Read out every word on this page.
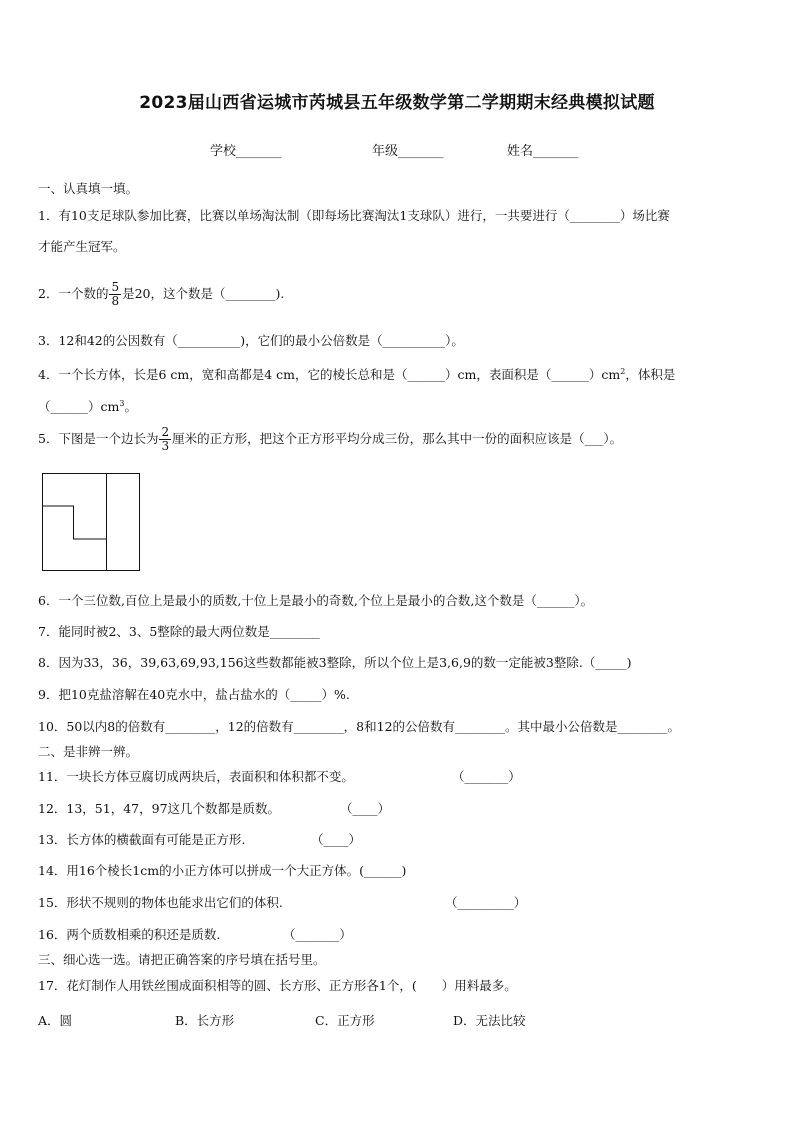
2023届山西省运城市芮城县五年级数学第二学期期末经典模拟试题
学校_______	年级_______	姓名_______
一、认真填一填。
1．有10支足球队参加比赛，比赛以单场淘汰制（即每场比赛淘汰1支球队）进行，一共要进行（________）场比赛
才能产生冠军。
2．一个数的 $\frac{5}{8}$ 是20，这个数是（________).
3．12和42的公因数有（__________)，它们的最小公倍数是（__________）。
4．一个长方体，长是6 cm，宽和高都是4 cm，它的棱长总和是（______）cm，表面积是$(\_\_\_\_\_\_)cm^2$，体积是
$(\_\_\_\_\_\_)cm^3$。
5．下图是一个边长为 $\frac{2}{3}$ 厘米的正方形，把这个正方形平均分成三份，那么其中一份的面积应该是（___）。
6．一个三位数,百位上是最小的质数,十位上是最小的奇数,个位上是最小的合数,这个数是（______）。
7．能同时被2、3、5整除的最大两位数是________
8．因为33，36，39,63,69,93,156这些数都能被3整除，所以个位上是3,6,9的数一定能被3整除.（_____)
9．把10克盐溶解在40克水中，盐占盐水的（_____）%.
10．50以内8的倍数有________，12的倍数有________，8和12的公倍数有________。其中最小公倍数是________。
二、是非辨一辨。
11．一块长方体豆腐切成两块后，表面积和体积都不变。	（_______）
12．13，51，47，97这几个数都是质数。	（____）
13．长方体的横截面有可能是正方形.	（____）
14．用16个棱长1cm的小正方体可以拼成一个大正方体。(______)
15．形状不规则的物体也能求出它们的体积.	（_________）
16．两个质数相乘的积还是质数.	（_______）
三、细心选一选。请把正确答案的序号填在括号里。
17．花灯制作人用铁丝围成面积相等的圆、长方形、正方形各1个，(　　）用料最多。
A．圆	B．长方形	C．正方形	D．无法比较
